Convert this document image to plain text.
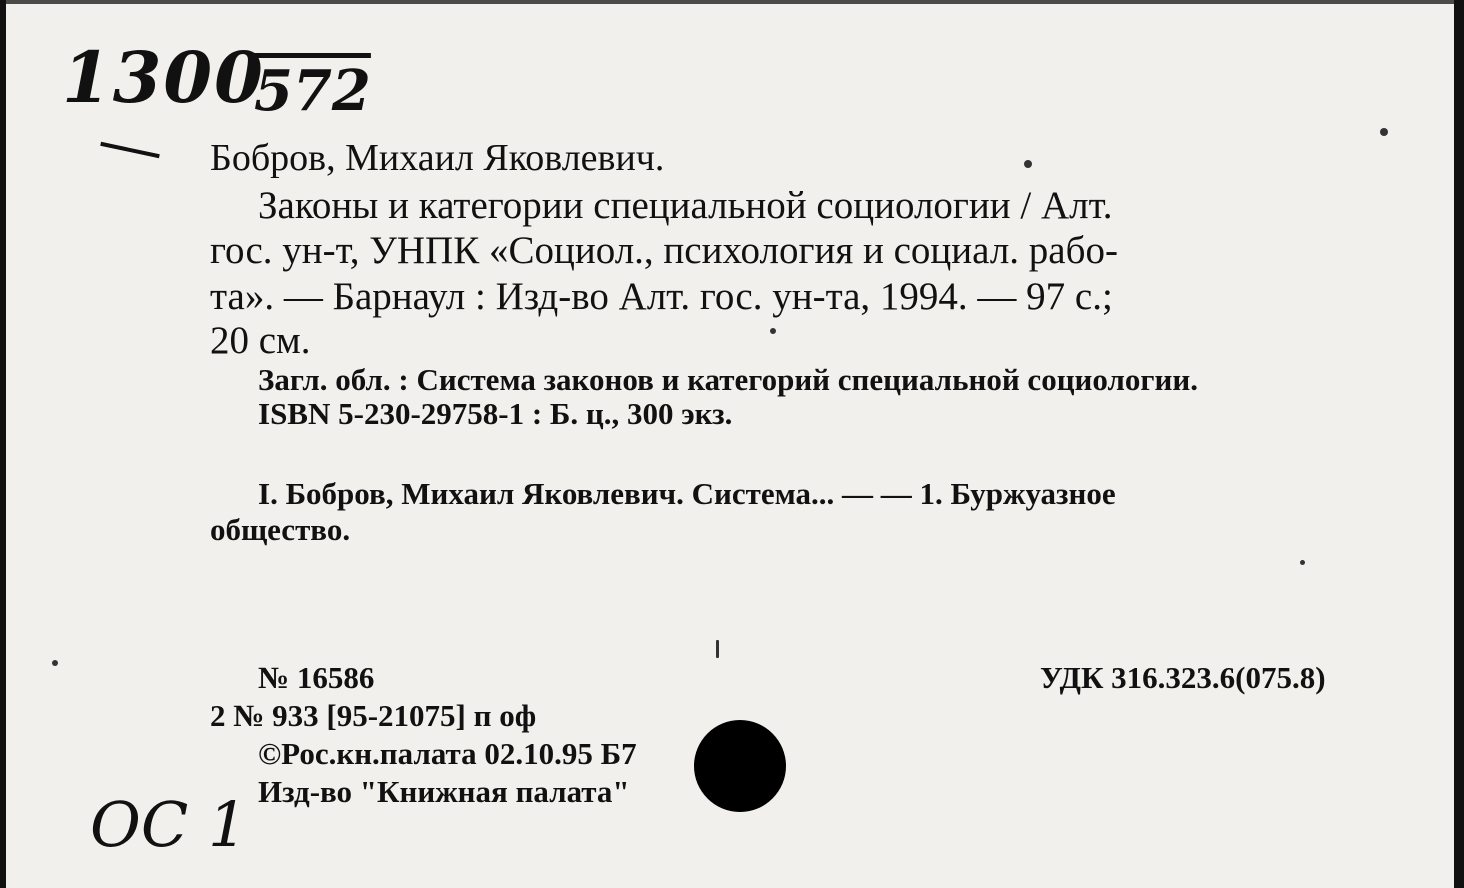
1300
572
Бобров, Михаил Яковлевич.
Законы и категории специальной социологии / Алт.
гос. ун-т, УНПК «Социол., психология и социал. рабо-
та». — Барнаул : Изд-во Алт. гос. ун-та, 1994. — 97 с.;
20 см.
Загл. обл. : Система законов и категорий специальной социологии.
ISBN 5-230-29758-1 : Б. ц., 300 экз.
I. Бобров, Михаил Яковлевич. Система... — — 1. Буржуазное
общество.
№ 16586
2 № 933 [95-21075] п оф
©Рос.кн.палата 02.10.95 Б7
Изд-во "Книжная палата"
УДК 316.323.6(075.8)
ОС 1
